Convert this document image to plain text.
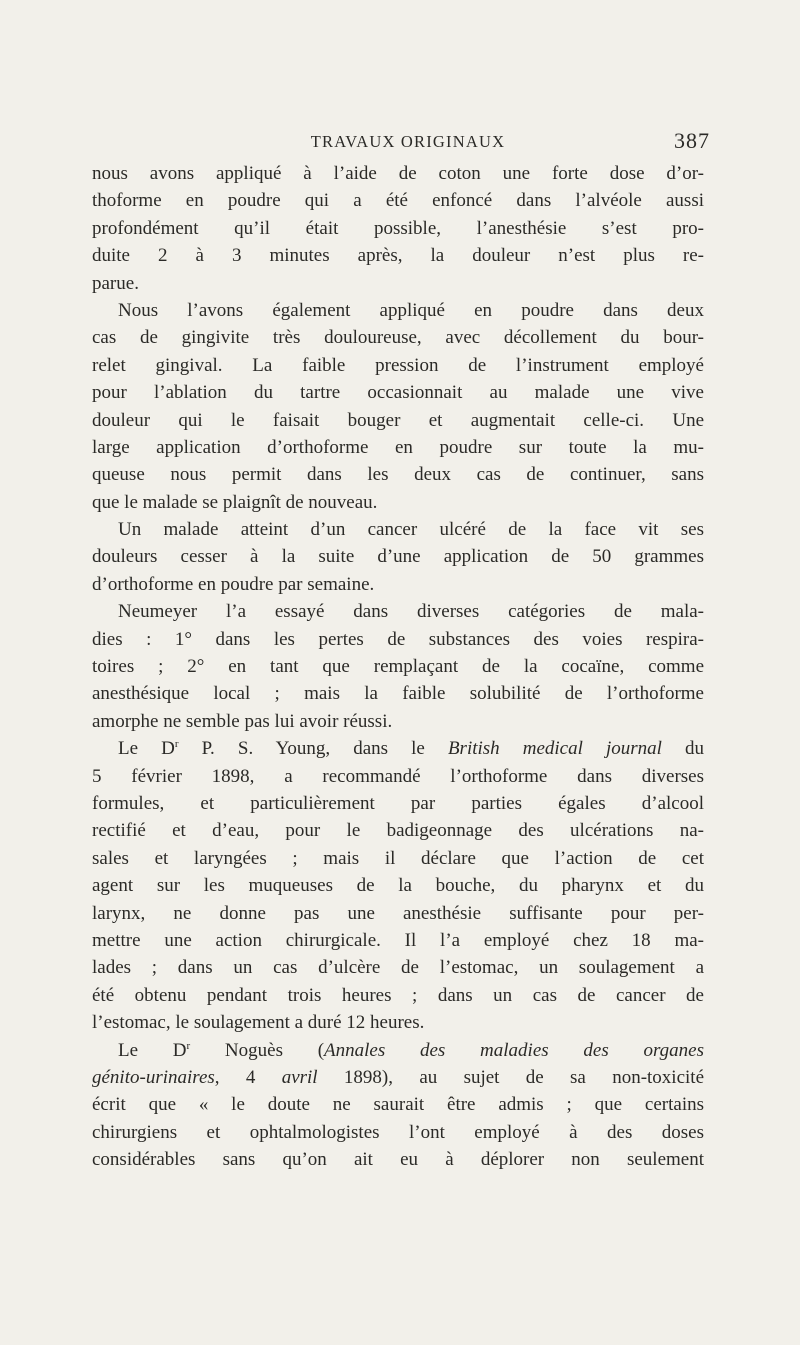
TRAVAUX ORIGINAUX	387
nous avons appliqué à l’aide de coton une forte dose d’or-
thoforme en poudre qui a été enfoncé dans l’alvéole aussi
profondément qu’il était possible, l’anesthésie s’est pro-
duite 2 à 3 minutes après, la douleur n’est plus re-
parue.
Nous l’avons également appliqué en poudre dans deux
cas de gingivite très douloureuse, avec décollement du bour-
relet gingival. La faible pression de l’instrument employé
pour l’ablation du tartre occasionnait au malade une vive
douleur qui le faisait bouger et augmentait celle-ci. Une
large application d’orthoforme en poudre sur toute la mu-
queuse nous permit dans les deux cas de continuer, sans
que le malade se plaignît de nouveau.
Un malade atteint d’un cancer ulcéré de la face vit ses
douleurs cesser à la suite d’une application de 50 grammes
d’orthoforme en poudre par semaine.
Neumeyer l’a essayé dans diverses catégories de mala-
dies : 1° dans les pertes de substances des voies respira-
toires ; 2° en tant que remplaçant de la cocaïne, comme
anesthésique local ; mais la faible solubilité de l’orthoforme
amorphe ne semble pas lui avoir réussi.
Le $D^r$ P. S. Young, dans le British medical journal du
5 février 1898, a recommandé l’orthoforme dans diverses
formules, et particulièrement par parties égales d’alcool
rectifié et d’eau, pour le badigeonnage des ulcérations na-
sales et laryngées ; mais il déclare que l’action de cet
agent sur les muqueuses de la bouche, du pharynx et du
larynx, ne donne pas une anesthésie suffisante pour per-
mettre une action chirurgicale. Il l’a employé chez 18 ma-
lades ; dans un cas d’ulcère de l’estomac, un soulagement a
été obtenu pendant trois heures ; dans un cas de cancer de
l’estomac, le soulagement a duré 12 heures.
Le $D^r$ Noguès (Annales des maladies des organes
génito-urinaires, 4 avril 1898), au sujet de sa non-toxicité
écrit que « le doute ne saurait être admis ; que certains
chirurgiens et ophtalmologistes l’ont employé à des doses
considérables sans qu’on ait eu à déplorer non seulement
